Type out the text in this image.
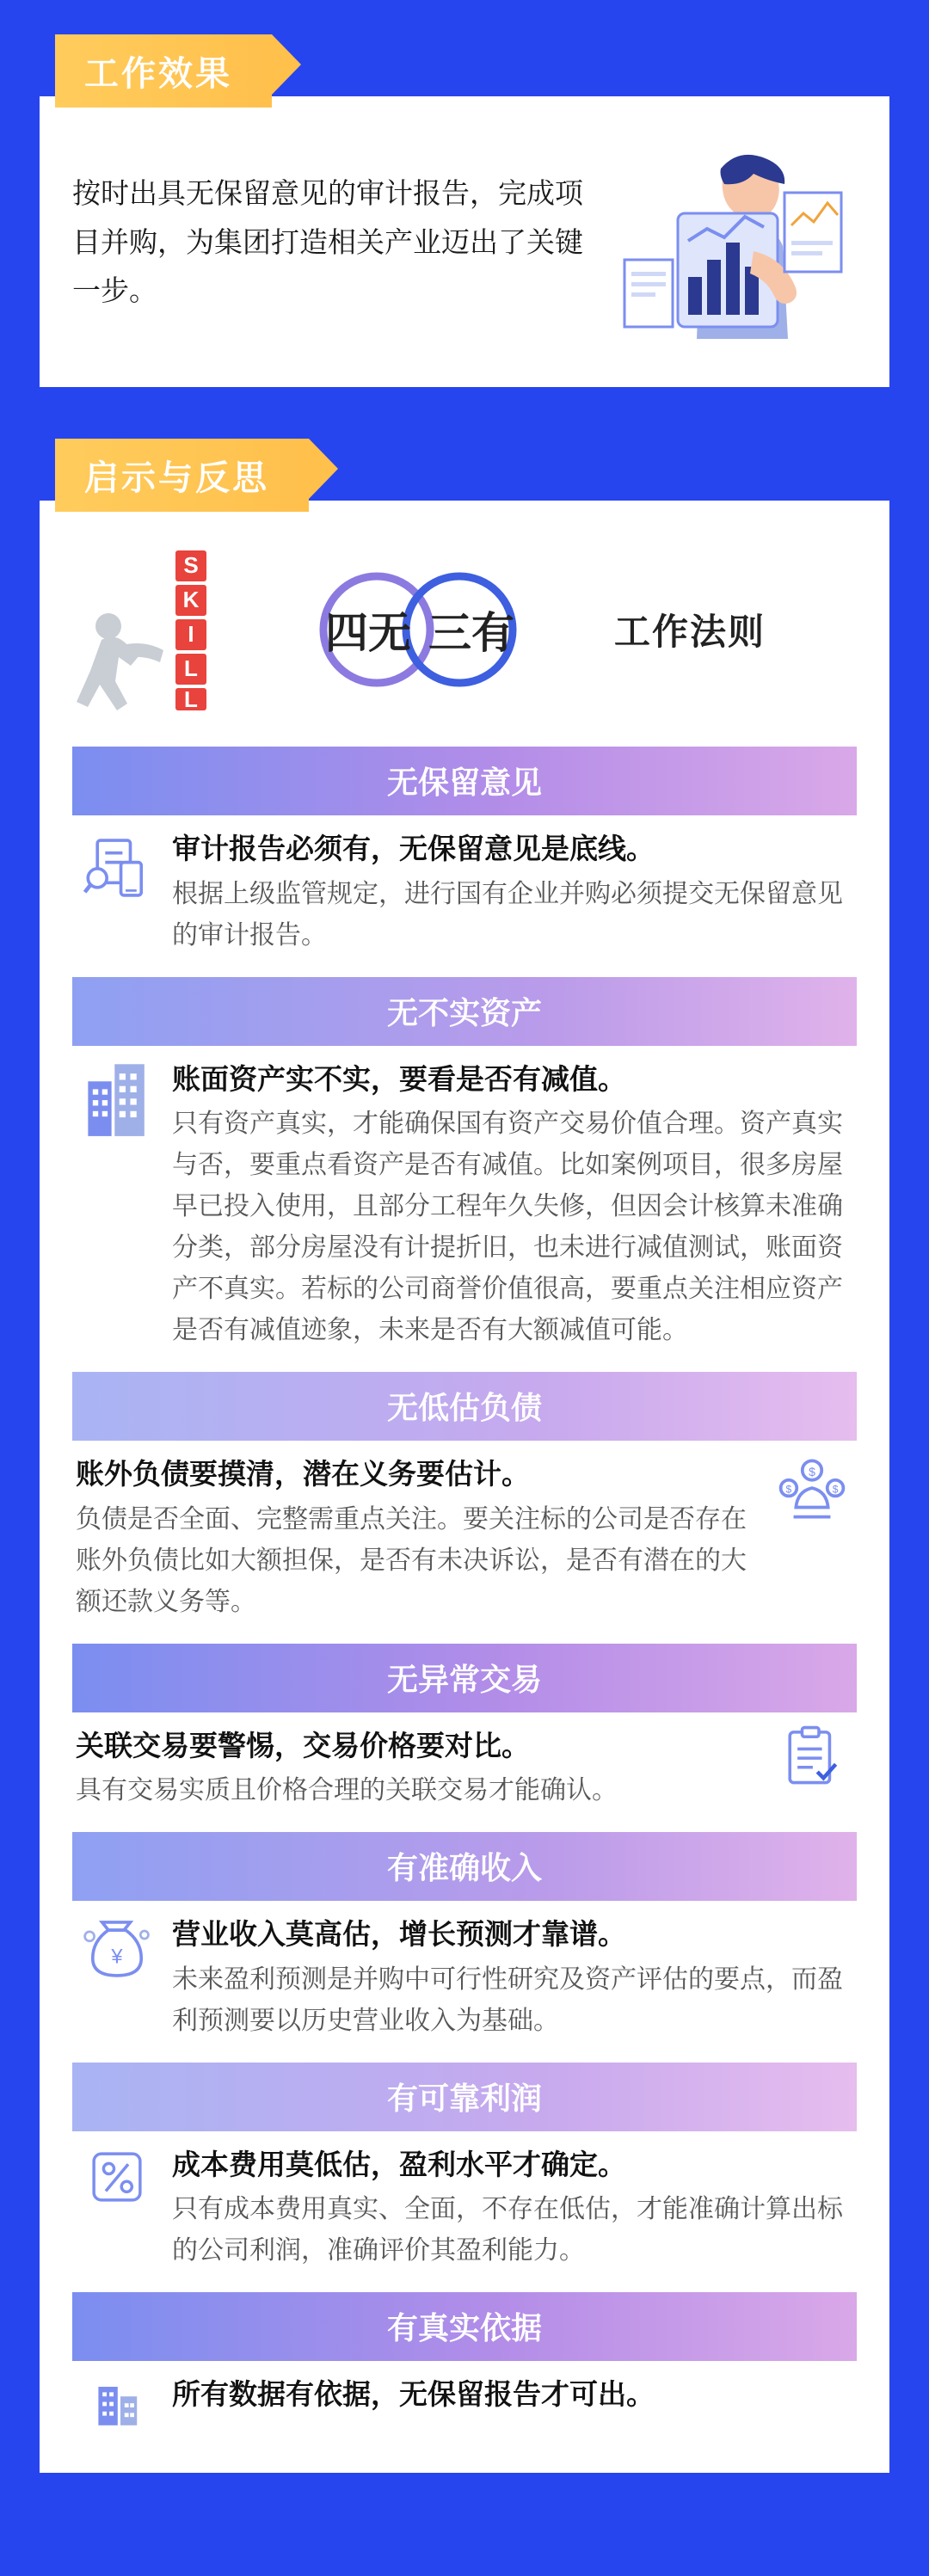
工作效果
按时出具无保留意见的审计报告，完成项目并购，为集团打造相关产业迈出了关键一步。
启示与反思
S
K
I
L
L
四无 三有	工作法则
无保留意见
审计报告必须有，无保留意见是底线。
根据上级监管规定，进行国有企业并购必须提交无保留意见的审计报告。
无不实资产
账面资产实不实，要看是否有减值。
只有资产真实，才能确保国有资产交易价值合理。资产真实与否，要重点看资产是否有减值。比如案例项目，很多房屋早已投入使用，且部分工程年久失修，但因会计核算未准确分类，部分房屋没有计提折旧，也未进行减值测试，账面资产不真实。若标的公司商誉价值很高，要重点关注相应资产是否有减值迹象，未来是否有大额减值可能。
无低估负债
$
$	$
账外负债要摸清，潜在义务要估计。
负债是否全面、完整需重点关注。要关注标的公司是否存在账外负债比如大额担保，是否有未决诉讼，是否有潜在的大额还款义务等。
无异常交易
关联交易要警惕，交易价格要对比。
具有交易实质且价格合理的关联交易才能确认。
有准确收入
¥
营业收入莫高估，增长预测才靠谱。
未来盈利预测是并购中可行性研究及资产评估的要点，而盈利预测要以历史营业收入为基础。
有可靠利润
成本费用莫低估，盈利水平才确定。
只有成本费用真实、全面，不存在低估，才能准确计算出标的公司利润，准确评价其盈利能力。
有真实依据
所有数据有依据，无保留报告才可出。
